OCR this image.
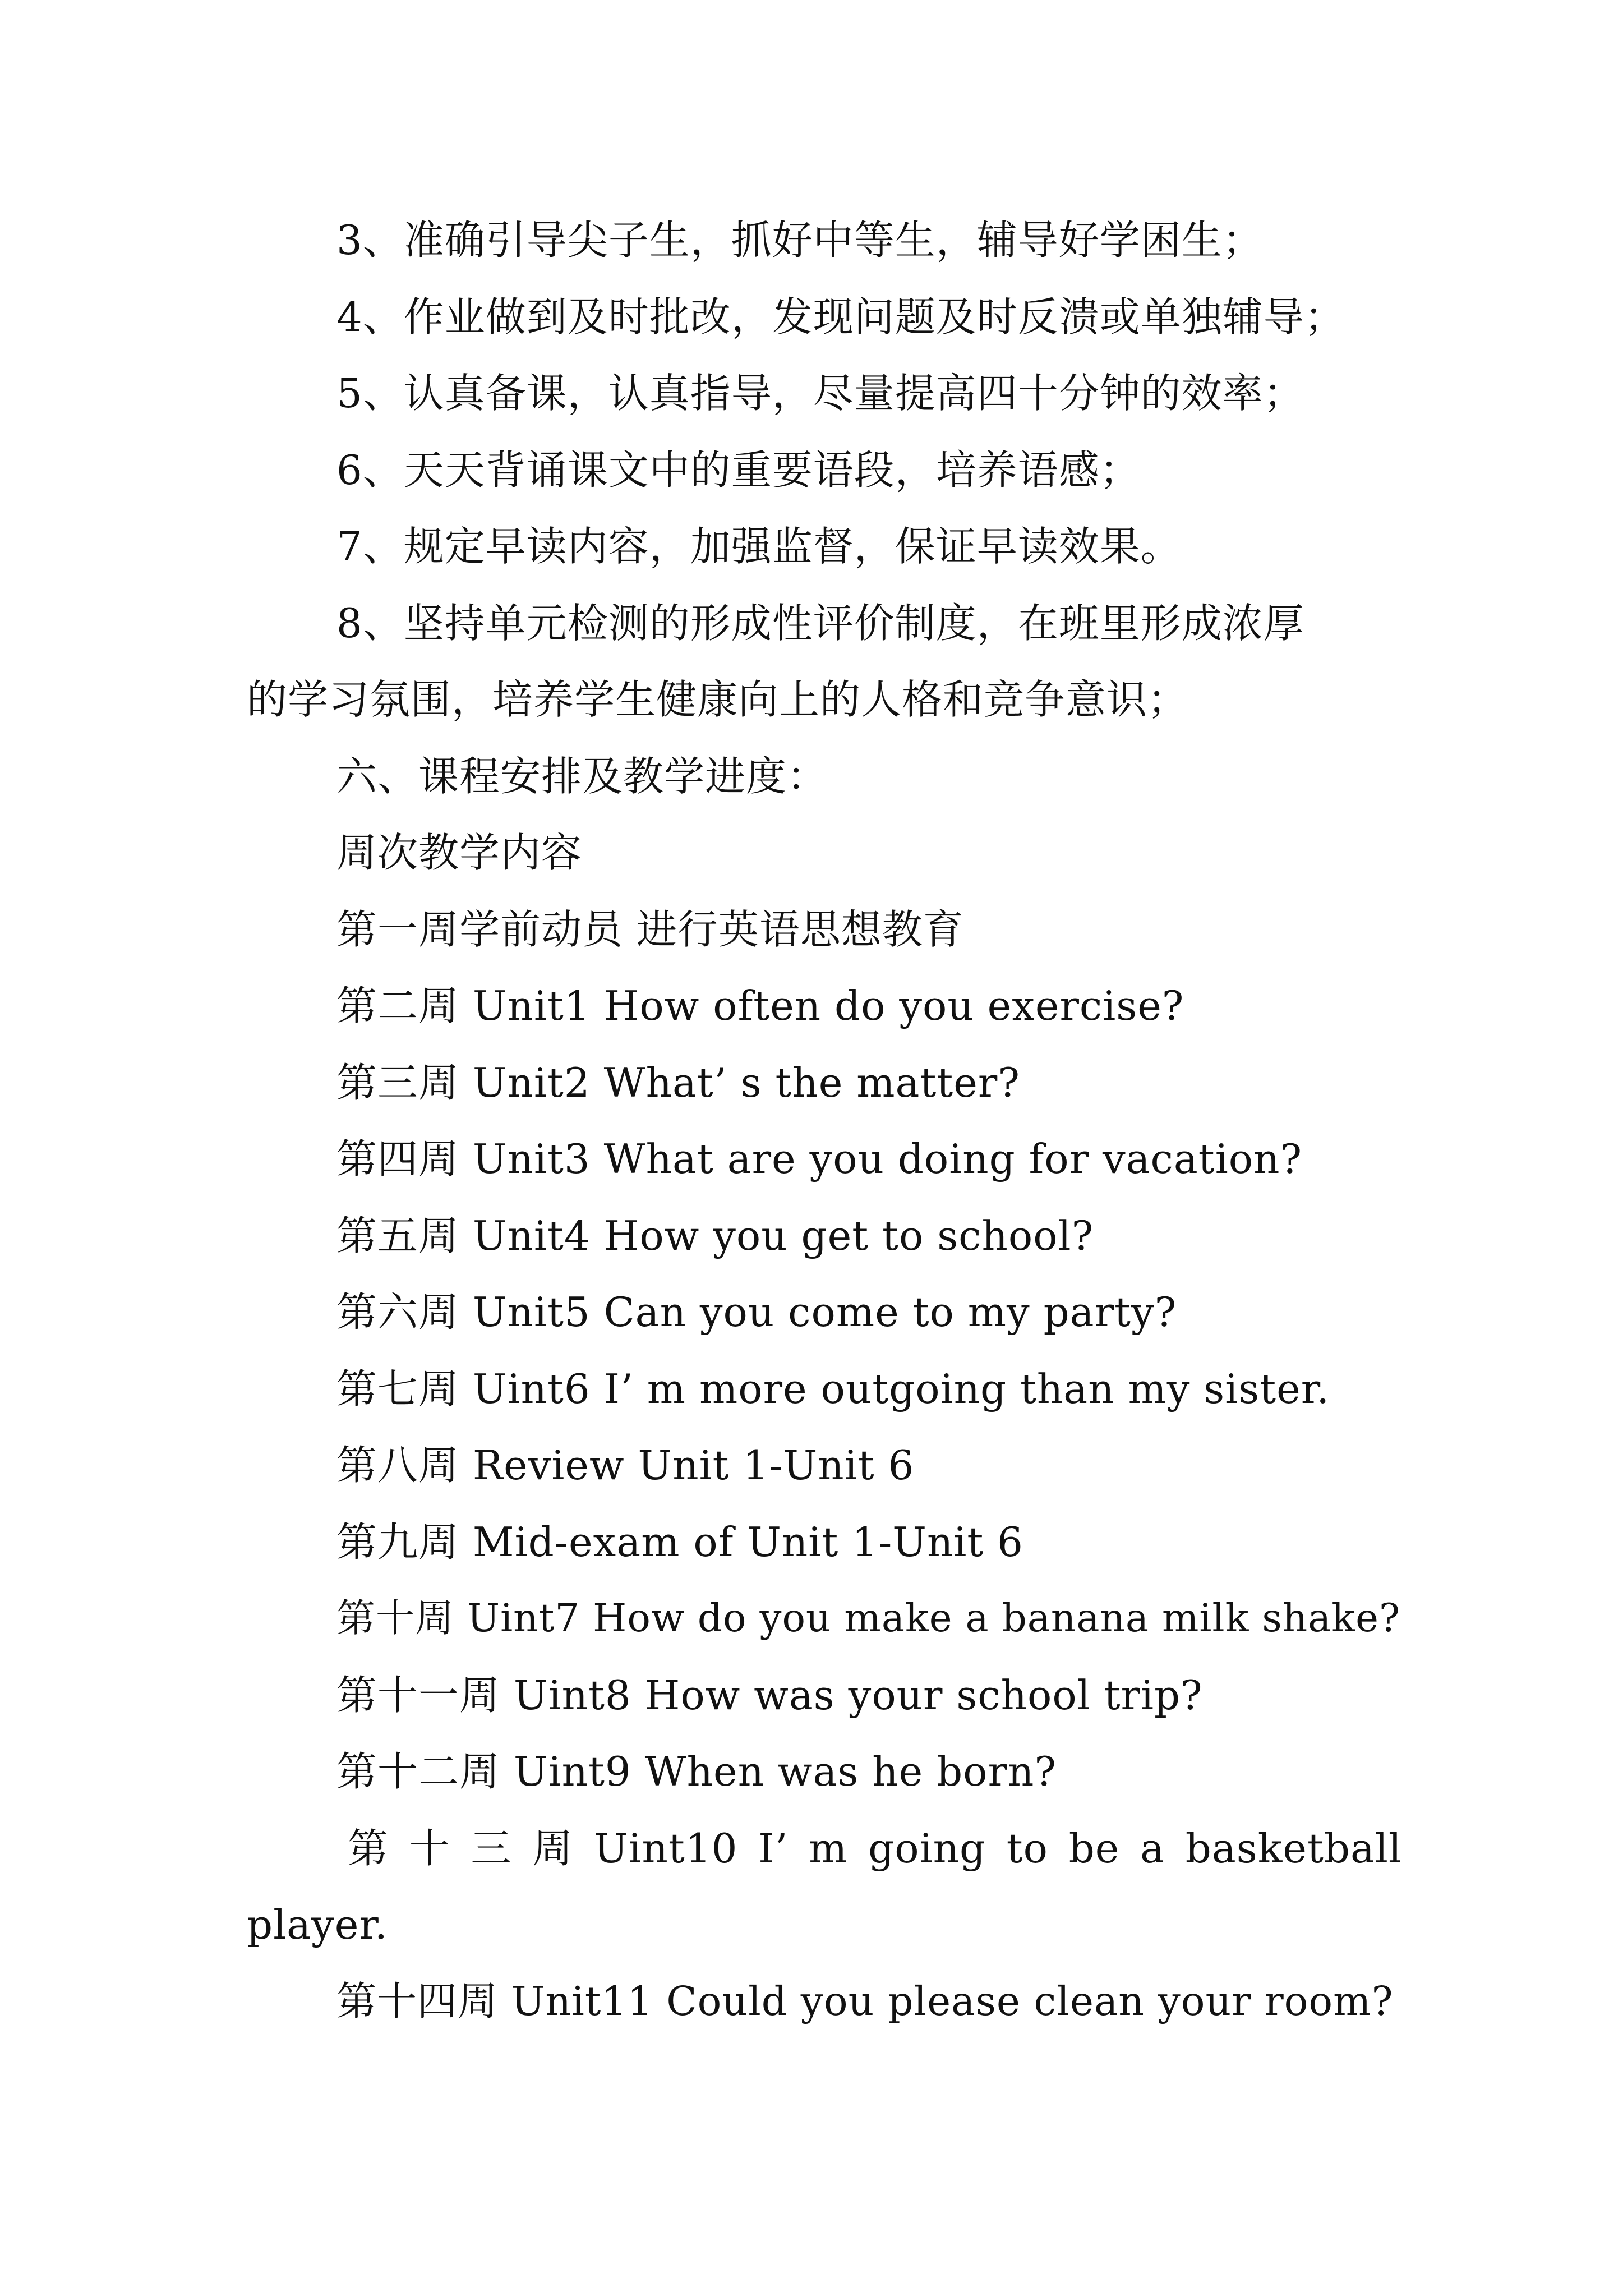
3、准确引导尖子生，抓好中等生，辅导好学困生；
4、作业做到及时批改，发现问题及时反溃或单独辅导；
5、认真备课，认真指导，尽量提高四十分钟的效率；
6、天天背诵课文中的重要语段，培养语感；
7、规定早读内容，加强监督，保证早读效果。
8、坚持单元检测的形成性评价制度，在班里形成浓厚
的学习氛围，培养学生健康向上的人格和竞争意识；
六、课程安排及教学进度：
周次教学内容
第一周学前动员 进行英语思想教育
第二周 Unit1 How often do you exercise?
第三周 Unit2 What’ s the matter?
第四周 Unit3 What are you doing for vacation?
第五周 Unit4 How you get to school?
第六周 Unit5 Can you come to my party?
第七周 Uint6 I’ m more outgoing than my sister.
第八周 Review Unit 1-Unit 6
第九周 Mid-exam of Unit 1-Unit 6
第十周 Uint7 How do you make a banana milk shake?
第十一周 Uint8 How was your school trip?
第十二周 Uint9 When was he born?
第 十 三 周 Uint10 I’ m going to be a basketball
player.
第十四周 Unit11 Could you please clean your room?
